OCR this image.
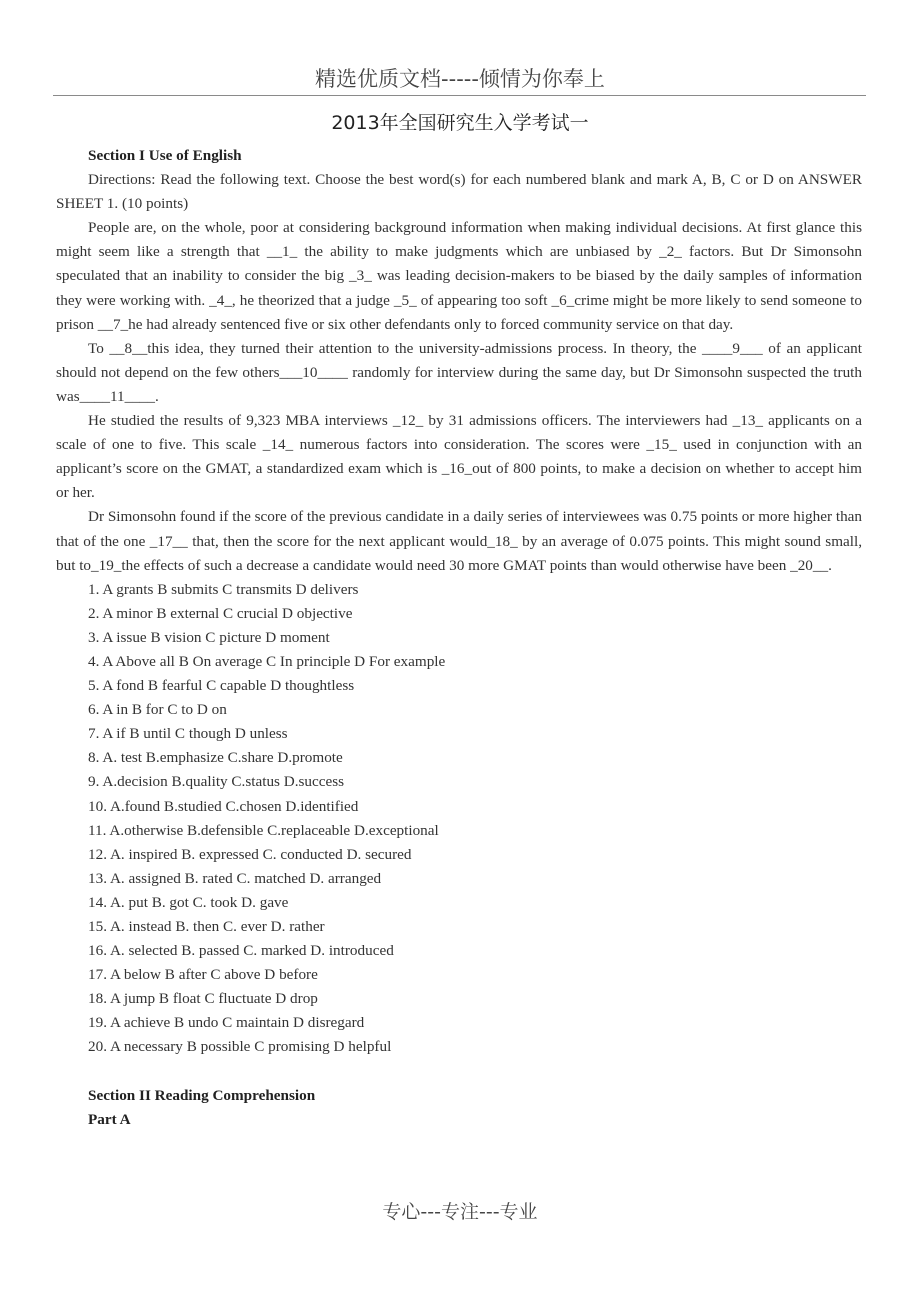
精选优质文档-----倾情为你奉上
2013年全国研究生入学考试一
Section I Use of English

Directions: Read the following text. Choose the best word(s) for each numbered blank and mark A, B, C or D on ANSWER SHEET 1. (10 points)

People are, on the whole, poor at considering background information when making individual decisions. At first glance this might seem like a strength that __1_ the ability to make judgments which are unbiased by _2_ factors. But Dr Simonsohn speculated that an inability to consider the big _3_ was leading decision-makers to be biased by the daily samples of information they were working with. _4_, he theorized that a judge _5_ of appearing too soft _6_crime might be more likely to send someone to prison __7_he had already sentenced five or six other defendants only to forced community service on that day.

To __8__this idea, they turned their attention to the university-admissions process. In theory, the ____9___ of an applicant should not depend on the few others___10____ randomly for interview during the same day, but Dr Simonsohn suspected the truth was____11____.

He studied the results of 9,323 MBA interviews _12_ by 31 admissions officers. The interviewers had _13_ applicants on a scale of one to five. This scale _14_ numerous factors into consideration. The scores were _15_ used in conjunction with an applicant’s score on the GMAT, a standardized exam which is _16_out of 800 points, to make a decision on whether to accept him or her.

Dr Simonsohn found if the score of the previous candidate in a daily series of interviewees was 0.75 points or more higher than that of the one _17__ that, then the score for the next applicant would_18_ by an average of 0.075 points. This might sound small, but to_19_the effects of such a decrease a candidate would need 30 more GMAT points than would otherwise have been _20__.

1. A grants B submits C transmits D delivers
2. A minor B external C crucial D objective
3. A issue B vision C picture D moment
4. A Above all B On average C In principle D For example
5. A fond B fearful C capable D thoughtless
6. A in B for C to D on
7. A if B until C though D unless
8. A. test B.emphasize C.share D.promote
9. A.decision B.quality C.status D.success
10. A.found B.studied C.chosen D.identified
11. A.otherwise B.defensible C.replaceable D.exceptional
12. A. inspired B. expressed C. conducted D. secured
13. A. assigned B. rated C. matched D. arranged
14. A. put B. got C. took D. gave
15. A. instead B. then C. ever D. rather
16. A. selected B. passed C. marked D. introduced
17. A below B after C above D before
18. A jump B float C fluctuate D drop
19. A achieve B undo C maintain D disregard
20. A necessary B possible C promising D helpful
Section II Reading Comprehension
Part A
专心---专注---专业
